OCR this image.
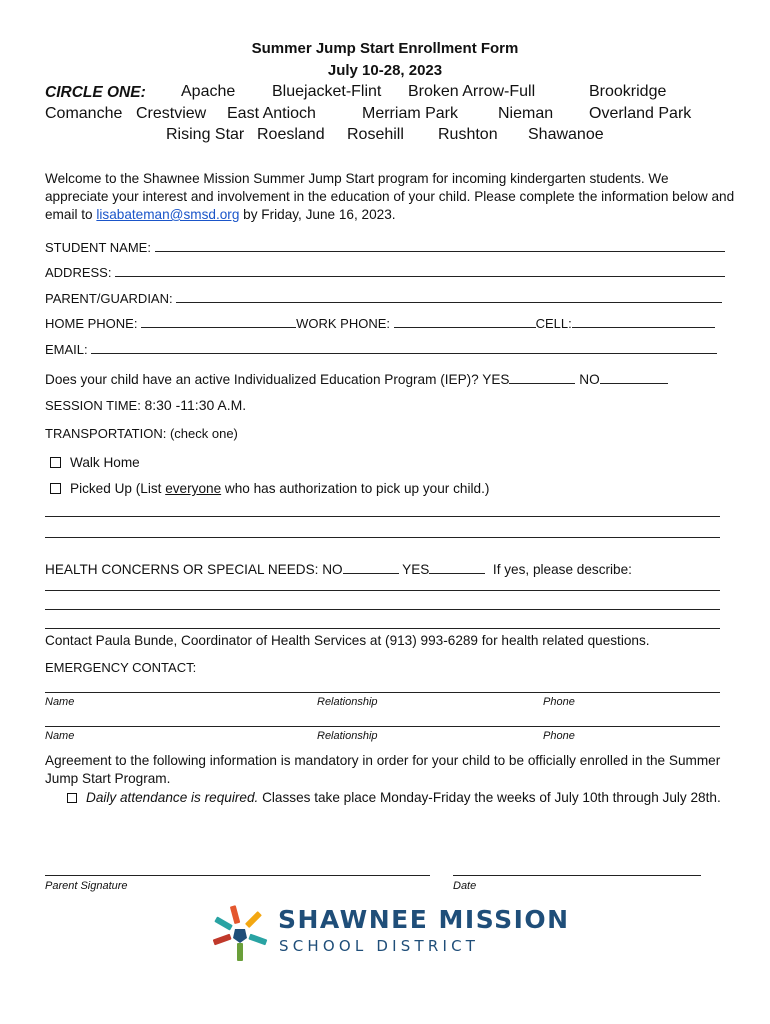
Summer Jump Start Enrollment Form
July 10-28, 2023
CIRCLE ONE: Apache Bluejacket-Flint Broken Arrow-Full	Brookridge
Comanche Crestview East Antioch	Merriam Park Nieman Overland Park
Rising Star Roesland Rosehill Rushton Shawanoe
Welcome to the Shawnee Mission Summer Jump Start program for incoming kindergarten students. We appreciate your interest and involvement in the education of your child. Please complete the information below and email to lisabateman@smsd.org by Friday, June 16, 2023.
STUDENT NAME:
ADDRESS:
PARENT/GUARDIAN:
HOME PHONE:	WORK PHONE:	CELL:
EMAIL:
Does your child have an active Individualized Education Program (IEP)? YES	NO
SESSION TIME: 8:30 -11:30 A.M.
TRANSPORTATION: (check one)
Walk Home
Picked Up (List everyone who has authorization to pick up your child.)
HEALTH CONCERNS OR SPECIAL NEEDS: NO	YES	If yes, please describe:
Contact Paula Bunde, Coordinator of Health Services at (913) 993-6289 for health related questions.
EMERGENCY CONTACT:
Name	Relationship	Phone
Name	Relationship	Phone
Agreement to the following information is mandatory in order for your child to be officially enrolled in the Summer Jump Start Program.
Daily attendance is required. Classes take place Monday-Friday the weeks of July 10th through July 28th.
Parent Signature	Date
SHAWNEE MISSION
SCHOOL DISTRICT
